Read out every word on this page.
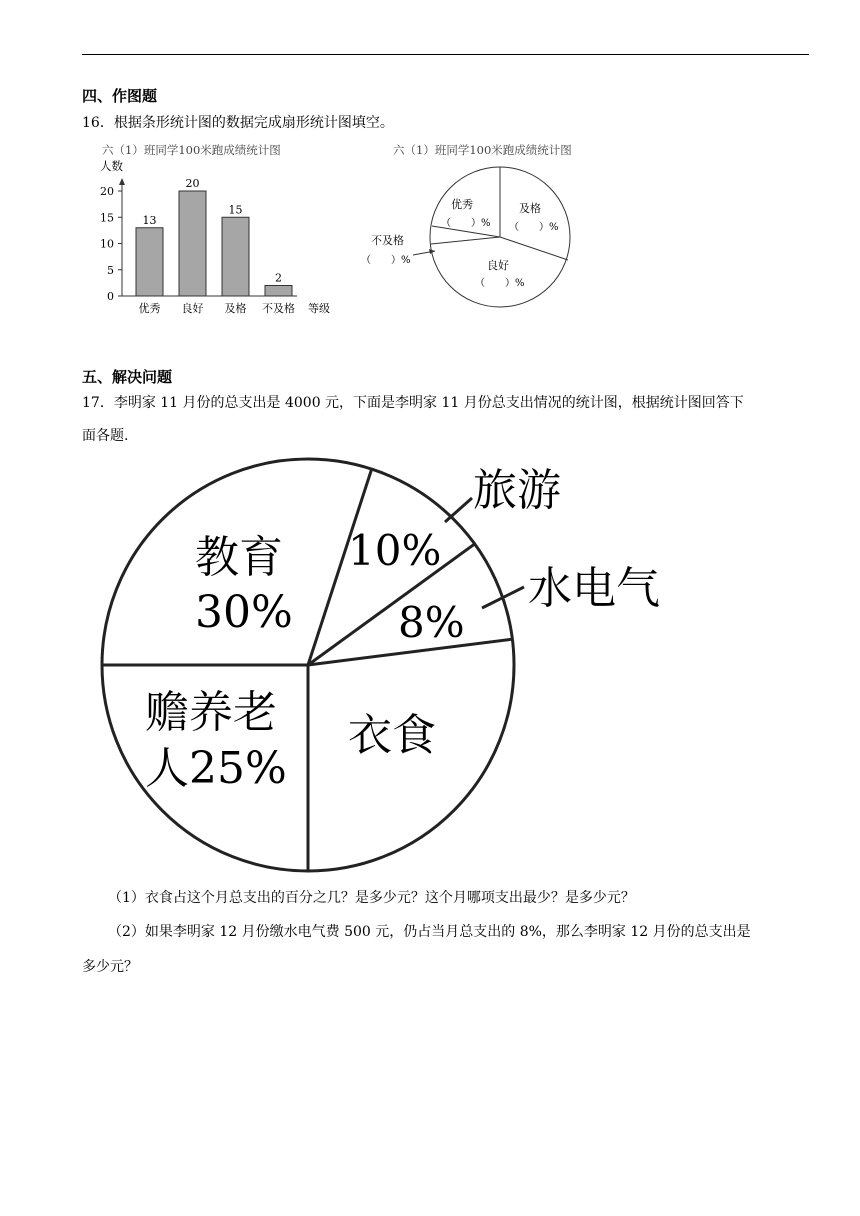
四、作图题
16．根据条形统计图的数据完成扇形统计图填空。
六（1）班同学100米跑成绩统计图
人数
0
5
10
15
20
13
优秀
20
良好
15
及格
2
不及格 等级
六（1）班同学100米跑成绩统计图
优秀
（　　）%
及格
（　　）%
良好
（　　）%
不及格
（　　）%
五、解决问题
17．李明家 11 月份的总支出是 4000 元，下面是李明家 11 月份总支出情况的统计图，根据统计图回答下
面各题.
教育
30%
10%
旅游
8%
水电气
衣食
赡养老
人25%
（1）衣食占这个月总支出的百分之几？是多少元？这个月哪项支出最少？是多少元？
（2）如果李明家 12 月份缴水电气费 500 元，仍占当月总支出的 8%，那么李明家 12 月份的总支出是
多少元？
